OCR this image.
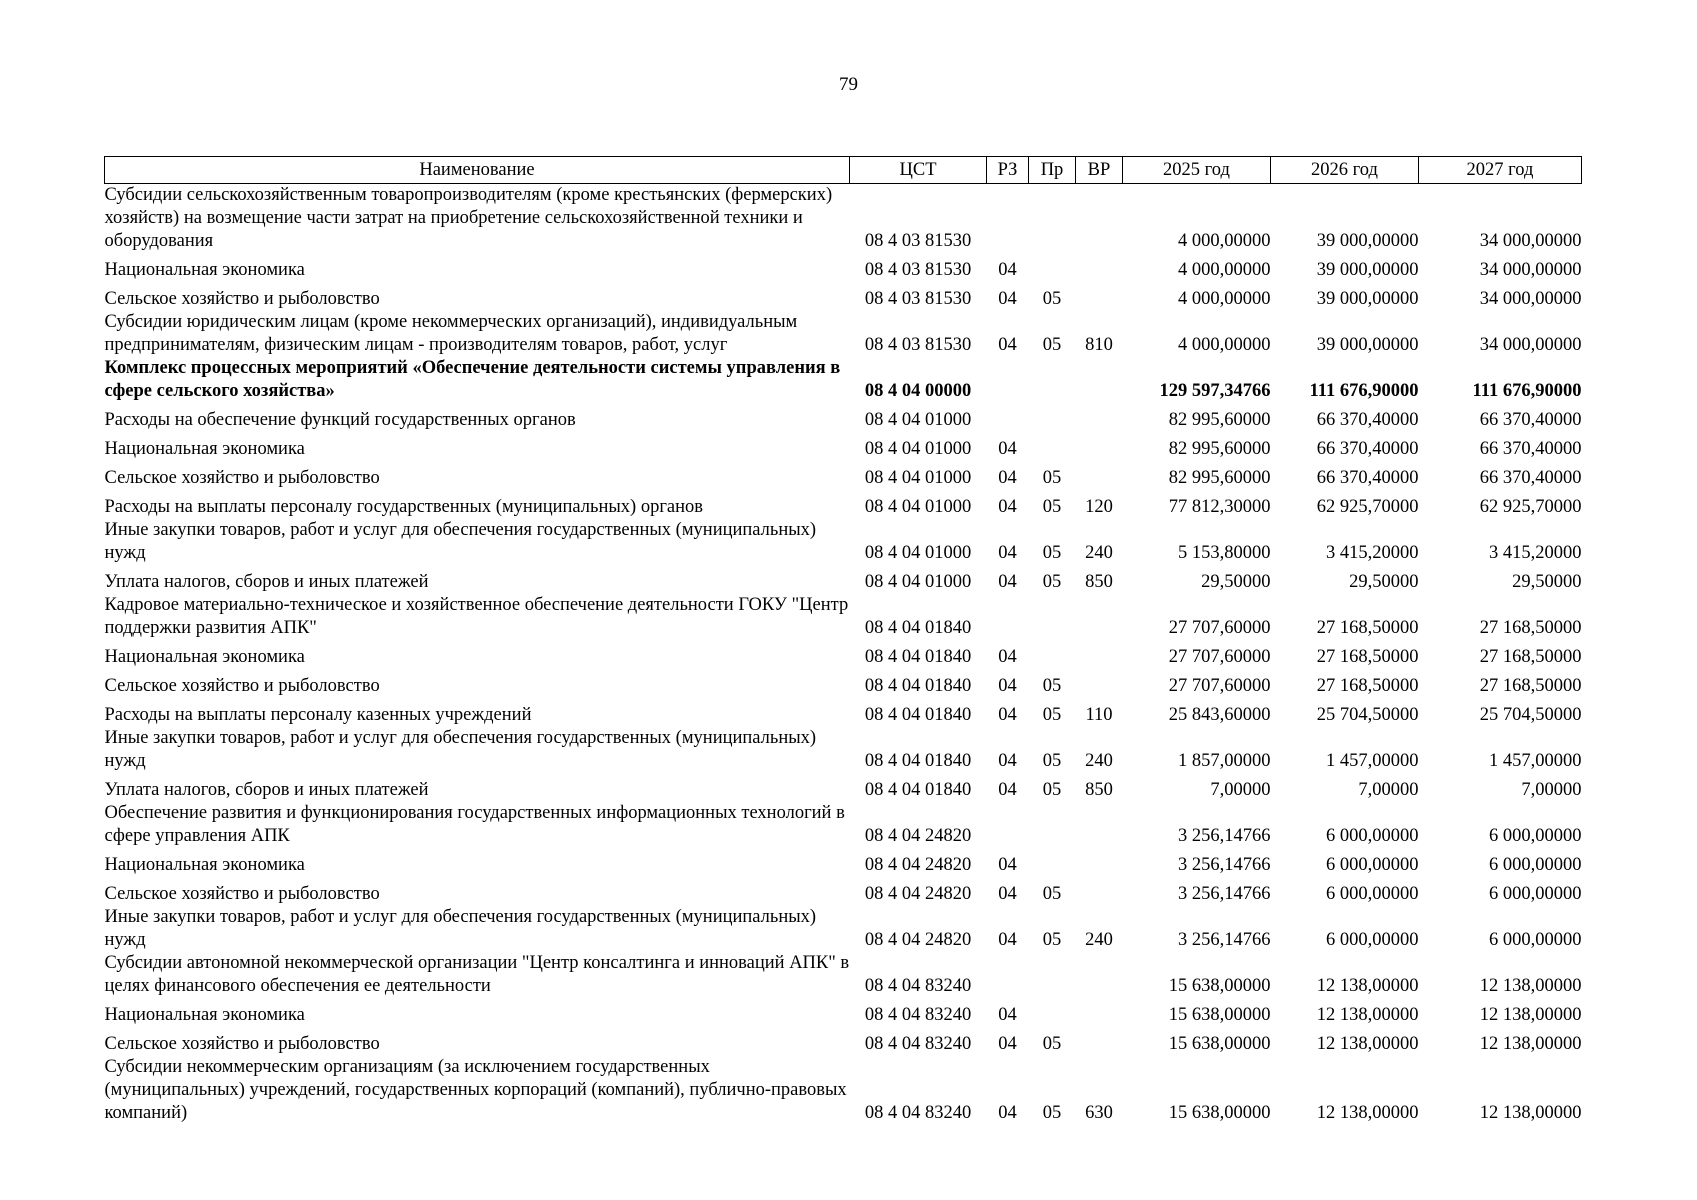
79
Наименование	ЦСТ	РЗ	Пр	ВР	2025 год	2026 год	2027 год
Субсидии сельскохозяйственным товаропроизводителям (кроме крестьянских (фермерских) хозяйств) на возмещение части затрат на приобретение сельскохозяйственной техники и оборудования	08 4 03 81530				4 000,00000	39 000,00000	34 000,00000
Национальная экономика	08 4 03 81530	04			4 000,00000	39 000,00000	34 000,00000
Сельское хозяйство и рыболовство	08 4 03 81530	04	05		4 000,00000	39 000,00000	34 000,00000
Субсидии юридическим лицам (кроме некоммерческих организаций), индивидуальным предпринимателям, физическим лицам - производителям товаров, работ, услуг	08 4 03 81530	04	05	810	4 000,00000	39 000,00000	34 000,00000
Комплекс процессных мероприятий «Обеспечение деятельности системы управления в сфере сельского хозяйства»	08 4 04 00000				129 597,34766	111 676,90000	111 676,90000
Расходы на обеспечение функций государственных органов	08 4 04 01000				82 995,60000	66 370,40000	66 370,40000
Национальная экономика	08 4 04 01000	04			82 995,60000	66 370,40000	66 370,40000
Сельское хозяйство и рыболовство	08 4 04 01000	04	05		82 995,60000	66 370,40000	66 370,40000
Расходы на выплаты персоналу государственных (муниципальных) органов	08 4 04 01000	04	05	120	77 812,30000	62 925,70000	62 925,70000
Иные закупки товаров, работ и услуг для обеспечения государственных (муниципальных) нужд	08 4 04 01000	04	05	240	5 153,80000	3 415,20000	3 415,20000
Уплата налогов, сборов и иных платежей	08 4 04 01000	04	05	850	29,50000	29,50000	29,50000
Кадровое материально-техническое и хозяйственное обеспечение деятельности ГОКУ "Центр поддержки развития АПК"	08 4 04 01840				27 707,60000	27 168,50000	27 168,50000
Национальная экономика	08 4 04 01840	04			27 707,60000	27 168,50000	27 168,50000
Сельское хозяйство и рыболовство	08 4 04 01840	04	05		27 707,60000	27 168,50000	27 168,50000
Расходы на выплаты персоналу казенных учреждений	08 4 04 01840	04	05	110	25 843,60000	25 704,50000	25 704,50000
Иные закупки товаров, работ и услуг для обеспечения государственных (муниципальных) нужд	08 4 04 01840	04	05	240	1 857,00000	1 457,00000	1 457,00000
Уплата налогов, сборов и иных платежей	08 4 04 01840	04	05	850	7,00000	7,00000	7,00000
Обеспечение развития и функционирования государственных информационных технологий в сфере управления АПК	08 4 04 24820				3 256,14766	6 000,00000	6 000,00000
Национальная экономика	08 4 04 24820	04			3 256,14766	6 000,00000	6 000,00000
Сельское хозяйство и рыболовство	08 4 04 24820	04	05		3 256,14766	6 000,00000	6 000,00000
Иные закупки товаров, работ и услуг для обеспечения государственных (муниципальных) нужд	08 4 04 24820	04	05	240	3 256,14766	6 000,00000	6 000,00000
Субсидии автономной некоммерческой организации "Центр консалтинга и инноваций АПК" в целях финансового обеспечения ее деятельности	08 4 04 83240				15 638,00000	12 138,00000	12 138,00000
Национальная экономика	08 4 04 83240	04			15 638,00000	12 138,00000	12 138,00000
Сельское хозяйство и рыболовство	08 4 04 83240	04	05		15 638,00000	12 138,00000	12 138,00000
Субсидии некоммерческим организациям (за исключением государственных (муниципальных) учреждений, государственных корпораций (компаний), публично-правовых компаний)	08 4 04 83240	04	05	630	15 638,00000	12 138,00000	12 138,00000
